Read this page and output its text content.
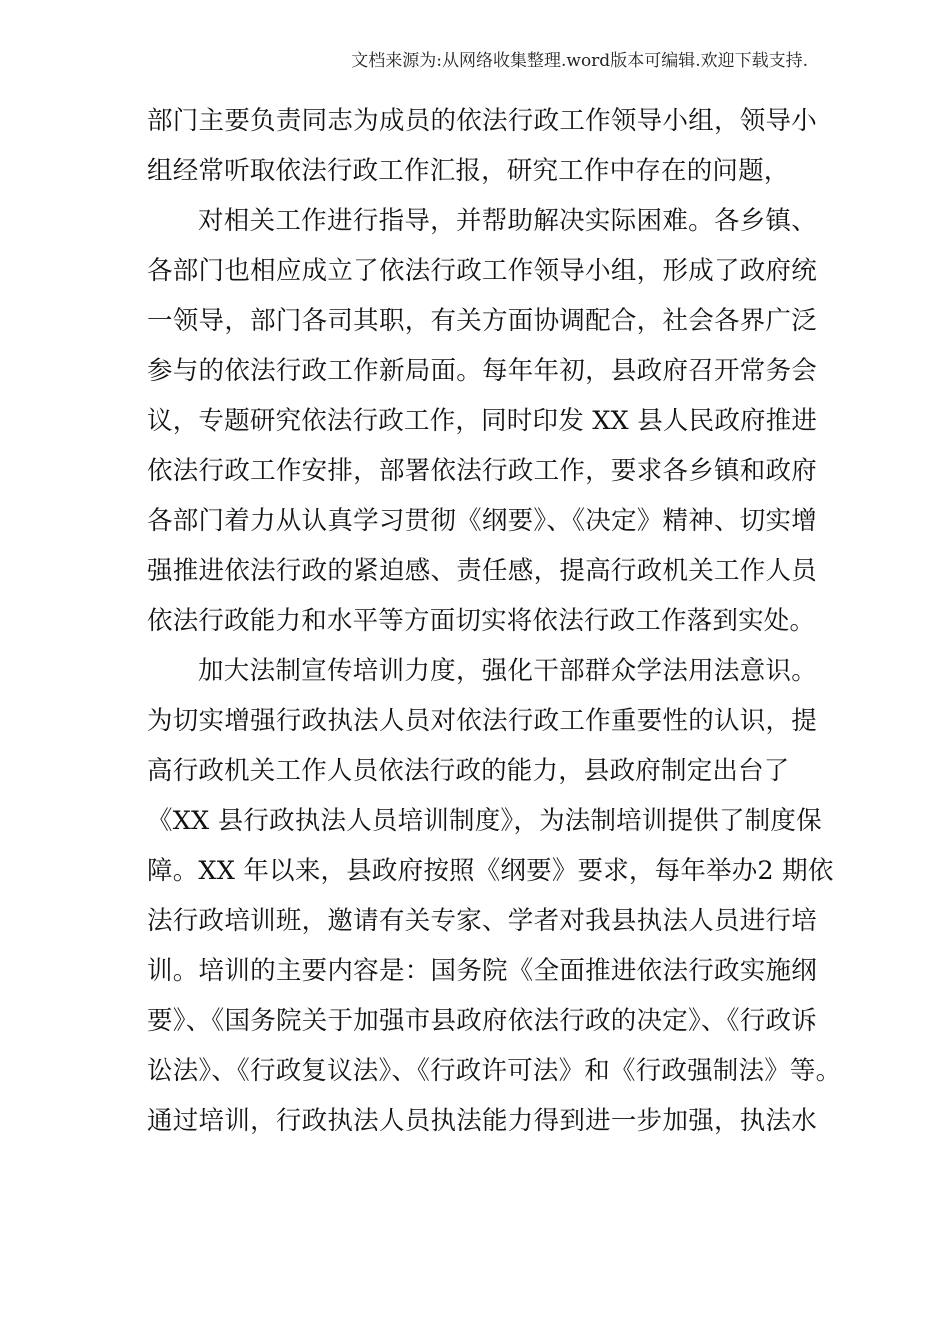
文档来源为:从网络收集整理.word版本可编辑.欢迎下载支持.
部门主要负责同志为成员的依法行政工作领导小组，领导小
组经常听取依法行政工作汇报，研究工作中存在的问题，
对相关工作进行指导，并帮助解决实际困难。各乡镇、
各部门也相应成立了依法行政工作领导小组，形成了政府统
一领导，部门各司其职，有关方面协调配合，社会各界广泛
参与的依法行政工作新局面。每年年初，县政府召开常务会
议，专题研究依法行政工作，同时印发 XX 县人民政府推进
依法行政工作安排，部署依法行政工作，要求各乡镇和政府
各部门着力从认真学习贯彻《纲要》、《决定》精神、切实增
强推进依法行政的紧迫感、责任感，提高行政机关工作人员
依法行政能力和水平等方面切实将依法行政工作落到实处。
加大法制宣传培训力度，强化干部群众学法用法意识。
为切实增强行政执法人员对依法行政工作重要性的认识，提
高行政机关工作人员依法行政的能力，县政府制定出台了
《XX 县行政执法人员培训制度》，为法制培训提供了制度保
障。XX 年以来，县政府按照《纲要》要求，每年举办2 期依
法行政培训班，邀请有关专家、学者对我县执法人员进行培
训。培训的主要内容是：国务院《全面推进依法行政实施纲
要》、《国务院关于加强市县政府依法行政的决定》、《行政诉
讼法》、《行政复议法》、《行政许可法》和《行政强制法》等。
通过培训，行政执法人员执法能力得到进一步加强，执法水
